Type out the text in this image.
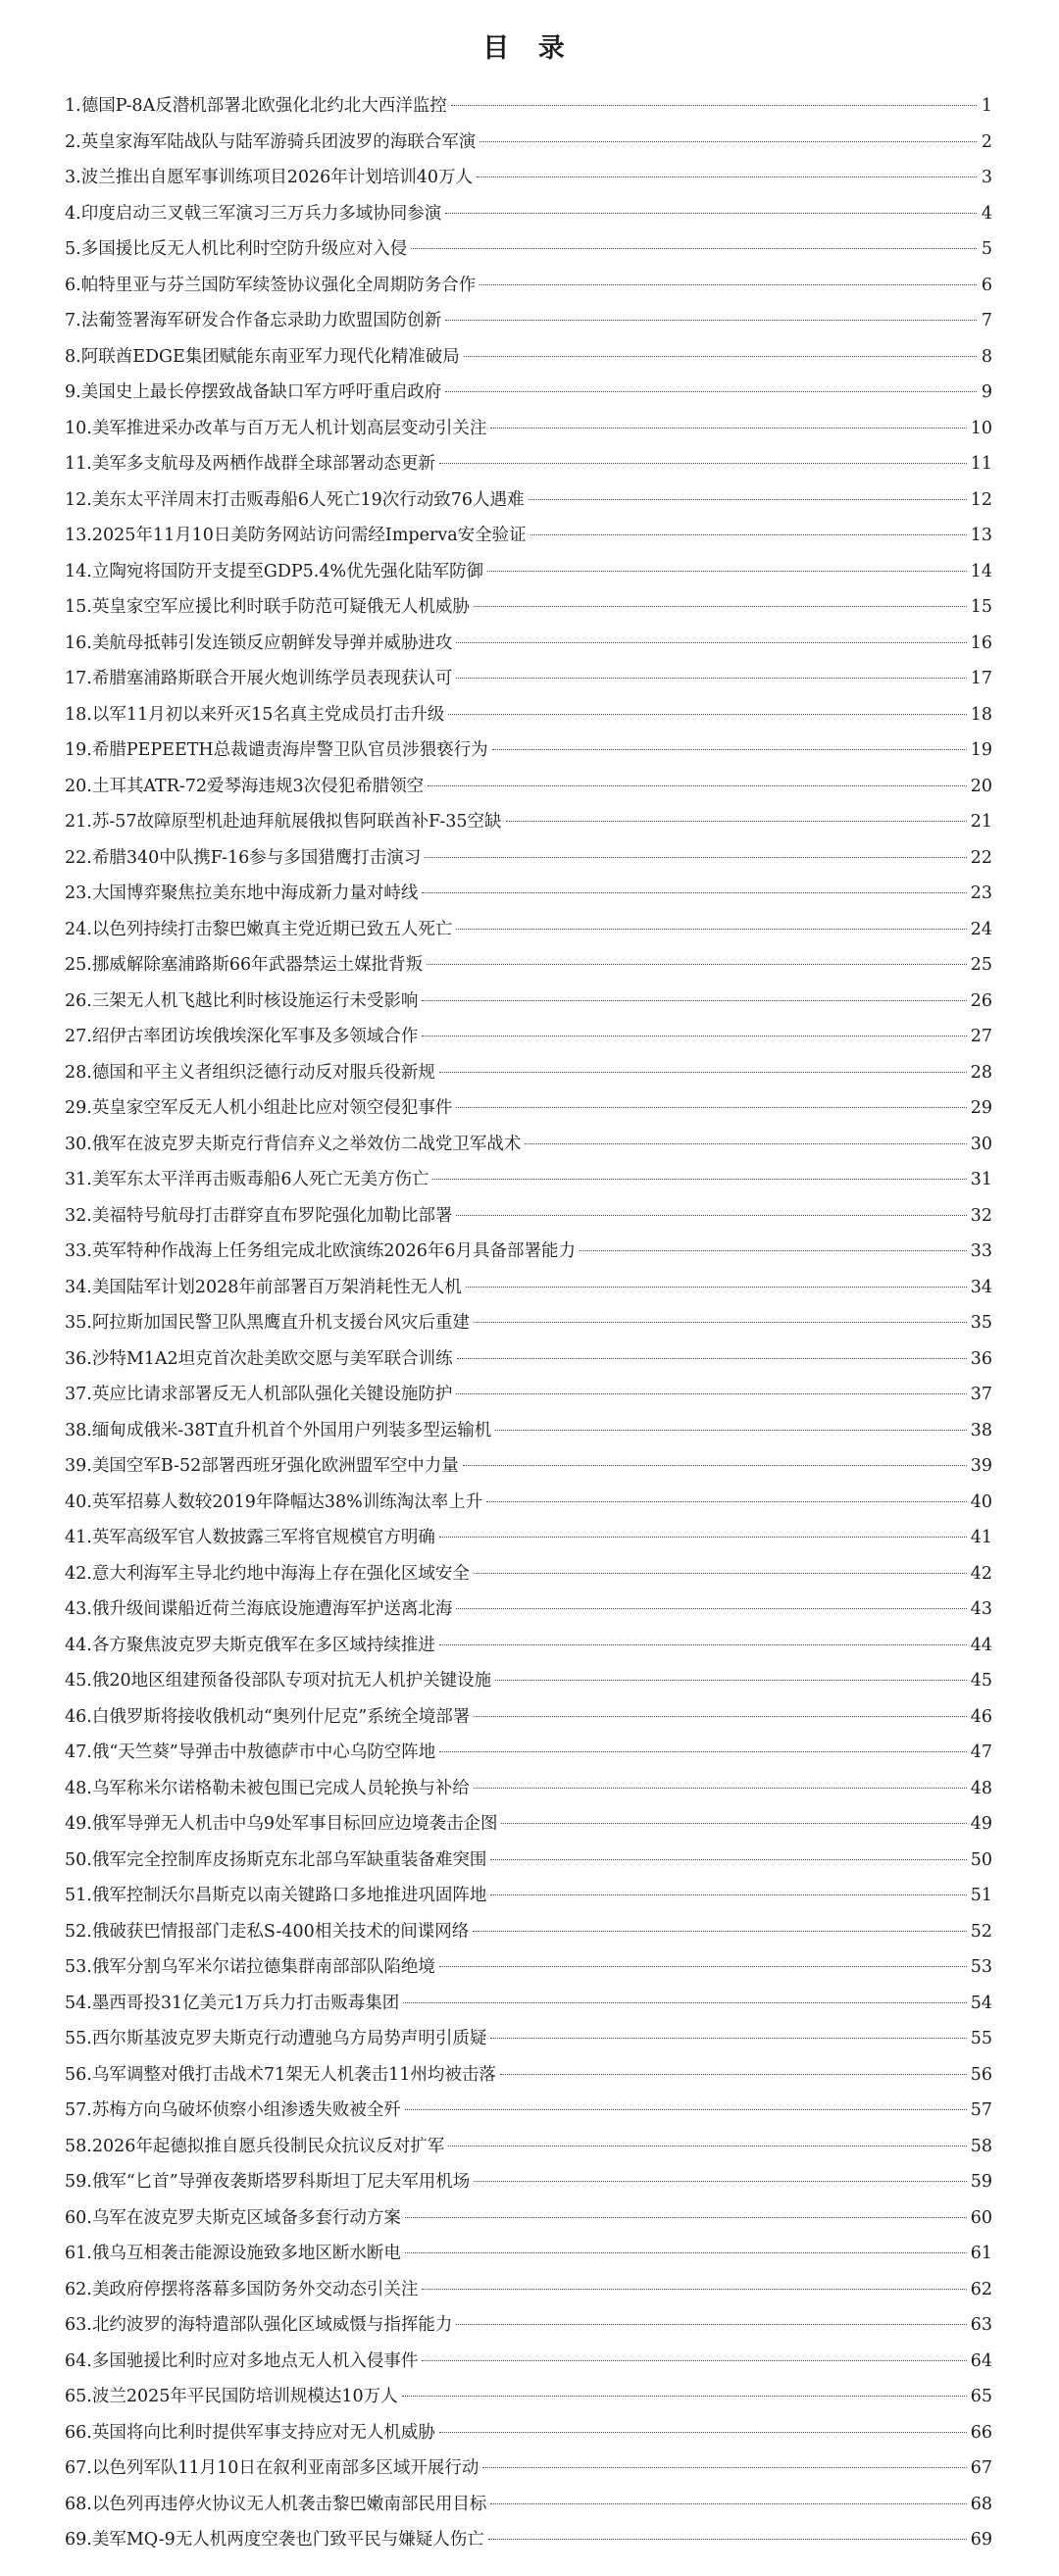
目 录
1. 德国P-8A反潜机部署北欧强化北约北大西洋监控	1
2. 英皇家海军陆战队与陆军游骑兵团波罗的海联合军演	2
3. 波兰推出自愿军事训练项目2026年计划培训40万人	3
4. 印度启动三叉戟三军演习三万兵力多域协同参演	4
5. 多国援比反无人机比利时空防升级应对入侵	5
6. 帕特里亚与芬兰国防军续签协议强化全周期防务合作	6
7. 法葡签署海军研发合作备忘录助力欧盟国防创新	7
8. 阿联酋EDGE集团赋能东南亚军力现代化精准破局	8
9. 美国史上最长停摆致战备缺口军方呼吁重启政府	9
10. 美军推进采办改革与百万无人机计划高层变动引关注	10
11. 美军多支航母及两栖作战群全球部署动态更新	11
12. 美东太平洋周末打击贩毒船6人死亡19次行动致76人遇难	12
13. 2025年11月10日美防务网站访问需经Imperva安全验证	13
14. 立陶宛将国防开支提至GDP5.4%优先强化陆军防御	14
15. 英皇家空军应援比利时联手防范可疑俄无人机威胁	15
16. 美航母抵韩引发连锁反应朝鲜发导弹并威胁进攻	16
17. 希腊塞浦路斯联合开展火炮训练学员表现获认可	17
18. 以军11月初以来歼灭15名真主党成员打击升级	18
19. 希腊PEPEETH总裁谴责海岸警卫队官员涉猥亵行为	19
20. 土耳其ATR-72爱琴海违规3次侵犯希腊领空	20
21. 苏-57故障原型机赴迪拜航展俄拟售阿联酋补F-35空缺	21
22. 希腊340中队携F-16参与多国猎鹰打击演习	22
23. 大国博弈聚焦拉美东地中海成新力量对峙线	23
24. 以色列持续打击黎巴嫩真主党近期已致五人死亡	24
25. 挪威解除塞浦路斯66年武器禁运土媒批背叛	25
26. 三架无人机飞越比利时核设施运行未受影响	26
27. 绍伊古率团访埃俄埃深化军事及多领域合作	27
28. 德国和平主义者组织泛德行动反对服兵役新规	28
29. 英皇家空军反无人机小组赴比应对领空侵犯事件	29
30. 俄军在波克罗夫斯克行背信弃义之举效仿二战党卫军战术	30
31. 美军东太平洋再击贩毒船6人死亡无美方伤亡	31
32. 美福特号航母打击群穿直布罗陀强化加勒比部署	32
33. 英军特种作战海上任务组完成北欧演练2026年6月具备部署能力	33
34. 美国陆军计划2028年前部署百万架消耗性无人机	34
35. 阿拉斯加国民警卫队黑鹰直升机支援台风灾后重建	35
36. 沙特M1A2坦克首次赴美欧交愿与美军联合训练	36
37. 英应比请求部署反无人机部队强化关键设施防护	37
38. 缅甸成俄米-38T直升机首个外国用户列装多型运输机	38
39. 美国空军B-52部署西班牙强化欧洲盟军空中力量	39
40. 英军招募人数较2019年降幅达38%训练淘汰率上升	40
41. 英军高级军官人数披露三军将官规模官方明确	41
42. 意大利海军主导北约地中海海上存在强化区域安全	42
43. 俄升级间谍船近荷兰海底设施遭海军护送离北海	43
44. 各方聚焦波克罗夫斯克俄军在多区域持续推进	44
45. 俄20地区组建预备役部队专项对抗无人机护关键设施	45
46. 白俄罗斯将接收俄机动“奥列什尼克”系统全境部署	46
47. 俄“天竺葵”导弹击中敖德萨市中心乌防空阵地	47
48. 乌军称米尔诺格勒未被包围已完成人员轮换与补给	48
49. 俄军导弹无人机击中乌9处军事目标回应边境袭击企图	49
50. 俄军完全控制库皮扬斯克东北部乌军缺重装备难突围	50
51. 俄军控制沃尔昌斯克以南关键路口多地推进巩固阵地	51
52. 俄破获巴情报部门走私S-400相关技术的间谍网络	52
53. 俄军分割乌军米尔诺拉德集群南部部队陷绝境	53
54. 墨西哥投31亿美元1万兵力打击贩毒集团	54
55. 西尔斯基波克罗夫斯克行动遭驰乌方局势声明引质疑	55
56. 乌军调整对俄打击战术71架无人机袭击11州均被击落	56
57. 苏梅方向乌破坏侦察小组渗透失败被全歼	57
58. 2026年起德拟推自愿兵役制民众抗议反对扩军	58
59. 俄军“匕首”导弹夜袭斯塔罗科斯坦丁尼夫军用机场	59
60. 乌军在波克罗夫斯克区域备多套行动方案	60
61. 俄乌互相袭击能源设施致多地区断水断电	61
62. 美政府停摆将落幕多国防务外交动态引关注	62
63. 北约波罗的海特遣部队强化区域威慑与指挥能力	63
64. 多国驰援比利时应对多地点无人机入侵事件	64
65. 波兰2025年平民国防培训规模达10万人	65
66. 英国将向比利时提供军事支持应对无人机威胁	66
67. 以色列军队11月10日在叙利亚南部多区域开展行动	67
68. 以色列再违停火协议无人机袭击黎巴嫩南部民用目标	68
69. 美军MQ-9无人机两度空袭也门致平民与嫌疑人伤亡	69
